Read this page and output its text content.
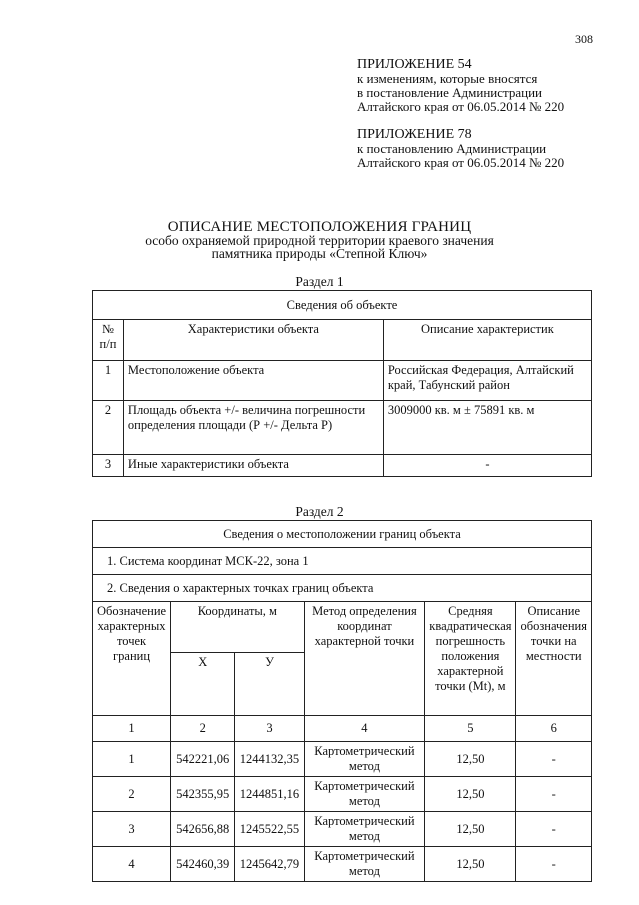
308
ПРИЛОЖЕНИЕ 54
к изменениям, которые вносятся
в постановление Администрации
Алтайского края от 06.05.2014 № 220
ПРИЛОЖЕНИЕ 78
к постановлению Администрации
Алтайского края от 06.05.2014 № 220
ОПИСАНИЕ МЕСТОПОЛОЖЕНИЯ ГРАНИЦ
особо охраняемой природной территории краевого значения
памятника природы «Степной Ключ»
Раздел 1
Сведения об объекте		
№ п/п	Характеристики объекта	Описание характеристик
1	Местоположение объекта	Российская Федерация, Алтайский край, Табунский район
2	Площадь объекта +/- величина погрешности определения площади (Р +/- Дельта Р)	3009000 кв. м ± 75891 кв. м
3	Иные характеристики объекта	-
Раздел 2
Сведения о местоположении границ объекта					
1. Система координат МСК-22, зона 1					
2. Сведения о характерных точках границ объекта					
Обозначение характерных точек границ	Координаты, м		Метод определения координат характерной точки	Средняя квадратическая погрешность положения характерной точки (Mt), м	Описание обозначения точки на местности
	X	У			
1	2	3	4	5	6
1	542221,06	1244132,35	Картометрический метод	12,50	-
2	542355,95	1244851,16	Картометрический метод	12,50	-
3	542656,88	1245522,55	Картометрический метод	12,50	-
4	542460,39	1245642,79	Картометрический метод	12,50	-
